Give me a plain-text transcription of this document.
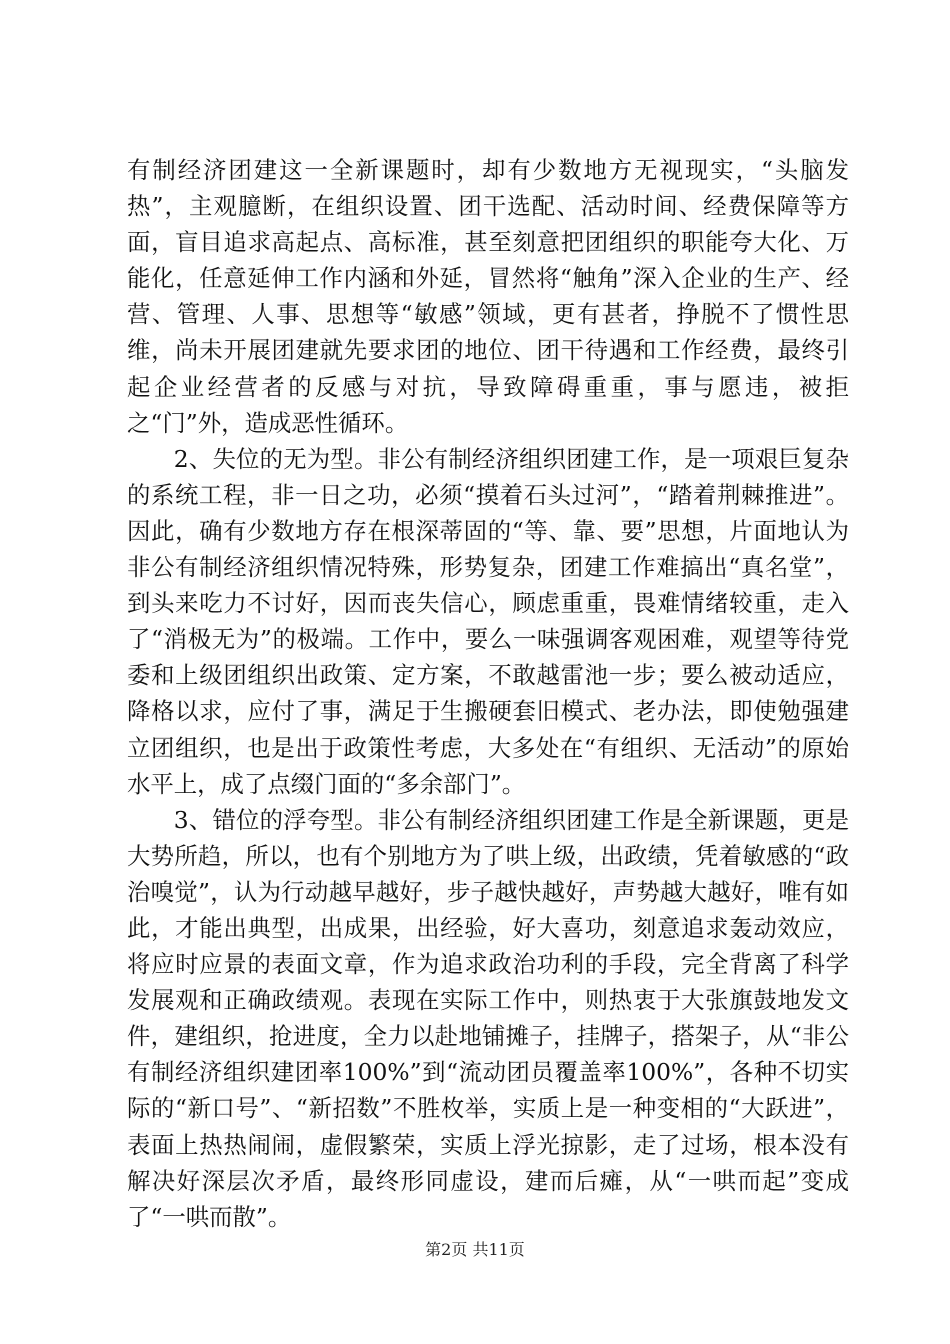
有制经济团建这一全新课题时，却有少数地方无视现实，“头脑发热”，主观臆断，在组织设置、团干选配、活动时间、经费保障等方面，盲目追求高起点、高标准，甚至刻意把团组织的职能夸大化、万能化，任意延伸工作内涵和外延，冒然将“触角”深入企业的生产、经营、管理、人事、思想等“敏感”领域，更有甚者，挣脱不了惯性思维，尚未开展团建就先要求团的地位、团干待遇和工作经费，最终引起企业经营者的反感与对抗，导致障碍重重，事与愿违，被拒之“门”外，造成恶性循环。

2、失位的无为型。非公有制经济组织团建工作，是一项艰巨复杂的系统工程，非一日之功，必须“摸着石头过河”，“踏着荆棘推进”。因此，确有少数地方存在根深蒂固的“等、靠、要”思想，片面地认为非公有制经济组织情况特殊，形势复杂，团建工作难搞出“真名堂”，到头来吃力不讨好，因而丧失信心，顾虑重重，畏难情绪较重，走入了“消极无为”的极端。工作中，要么一味强调客观困难，观望等待党委和上级团组织出政策、定方案，不敢越雷池一步；要么被动适应，降格以求，应付了事，满足于生搬硬套旧模式、老办法，即使勉强建立团组织，也是出于政策性考虑，大多处在“有组织、无活动”的原始水平上，成了点缀门面的“多余部门”。

3、错位的浮夸型。非公有制经济组织团建工作是全新课题，更是大势所趋，所以，也有个别地方为了哄上级，出政绩，凭着敏感的“政治嗅觉”，认为行动越早越好，步子越快越好，声势越大越好，唯有如此，才能出典型，出成果，出经验，好大喜功，刻意追求轰动效应，将应时应景的表面文章，作为追求政治功利的手段，完全背离了科学发展观和正确政绩观。表现在实际工作中，则热衷于大张旗鼓地发文件，建组织，抢进度，全力以赴地铺摊子，挂牌子，搭架子，从“非公有制经济组织建团率100%”到“流动团员覆盖率100%”，各种不切实际的“新口号”、“新招数”不胜枚举，实质上是一种变相的“大跃进”，表面上热热闹闹，虚假繁荣，实质上浮光掠影，走了过场，根本没有解决好深层次矛盾，最终形同虚设，建而后瘫，从“一哄而起”变成了“一哄而散”。

第2页 共11页
